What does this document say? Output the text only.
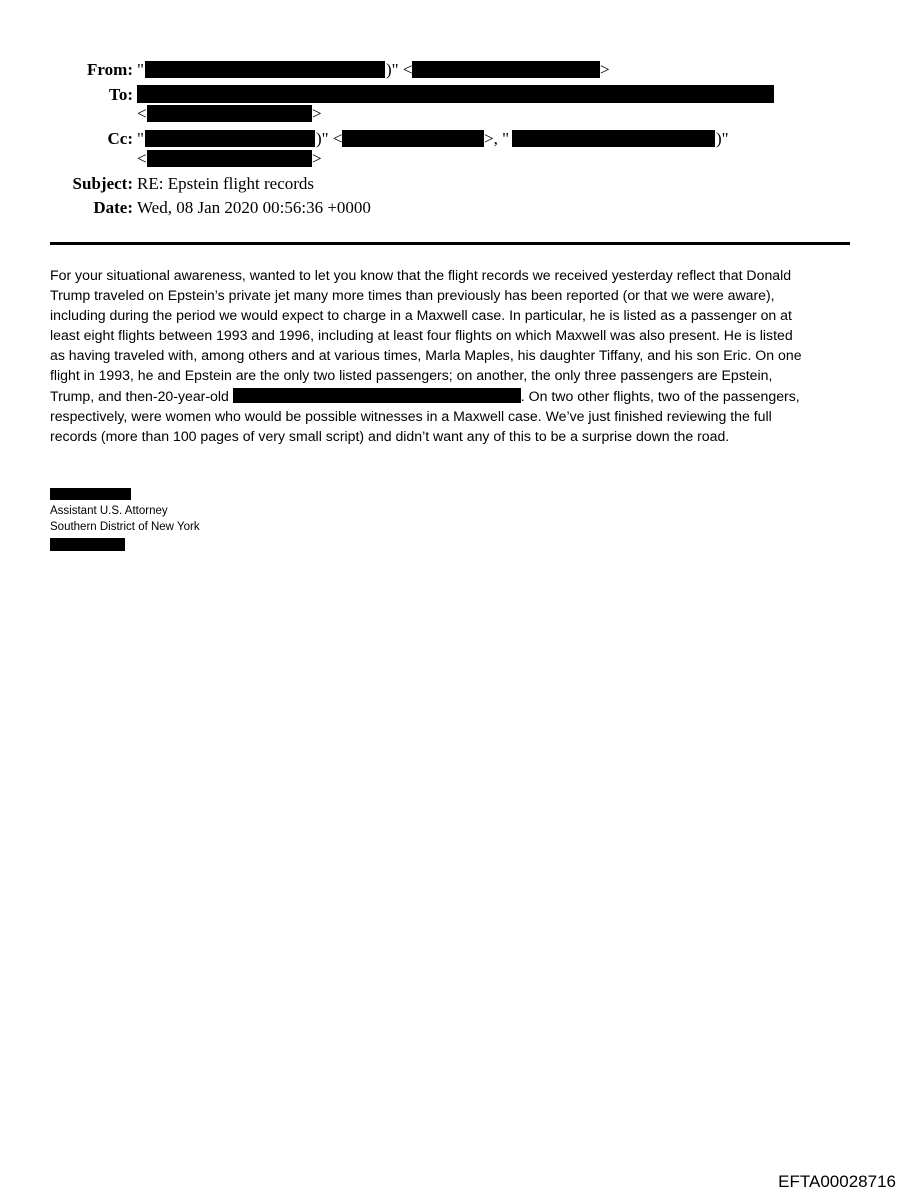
From: "	)" <	>
To:
<	>
Cc: "	)" <	>, "	)"
<	>
Subject: RE: Epstein flight records
Date: Wed, 08 Jan 2020 00:56:36 +0000
For your situational awareness, wanted to let you know that the flight records we received yesterday reflect that Donald
Trump traveled on Epstein’s private jet many more times than previously has been reported (or that we were aware),
including during the period we would expect to charge in a Maxwell case. In particular, he is listed as a passenger on at
least eight flights between 1993 and 1996, including at least four flights on which Maxwell was also present. He is listed
as having traveled with, among others and at various times, Marla Maples, his daughter Tiffany, and his son Eric. On one
flight in 1993, he and Epstein are the only two listed passengers; on another, the only three passengers are Epstein,
Trump, and then-20-year-old	. On two other flights, two of the passengers,
respectively, were women who would be possible witnesses in a Maxwell case. We’ve just finished reviewing the full
records (more than 100 pages of very small script) and didn’t want any of this to be a surprise down the road.
Assistant U.S. Attorney
Southern District of New York
EFTA00028716
